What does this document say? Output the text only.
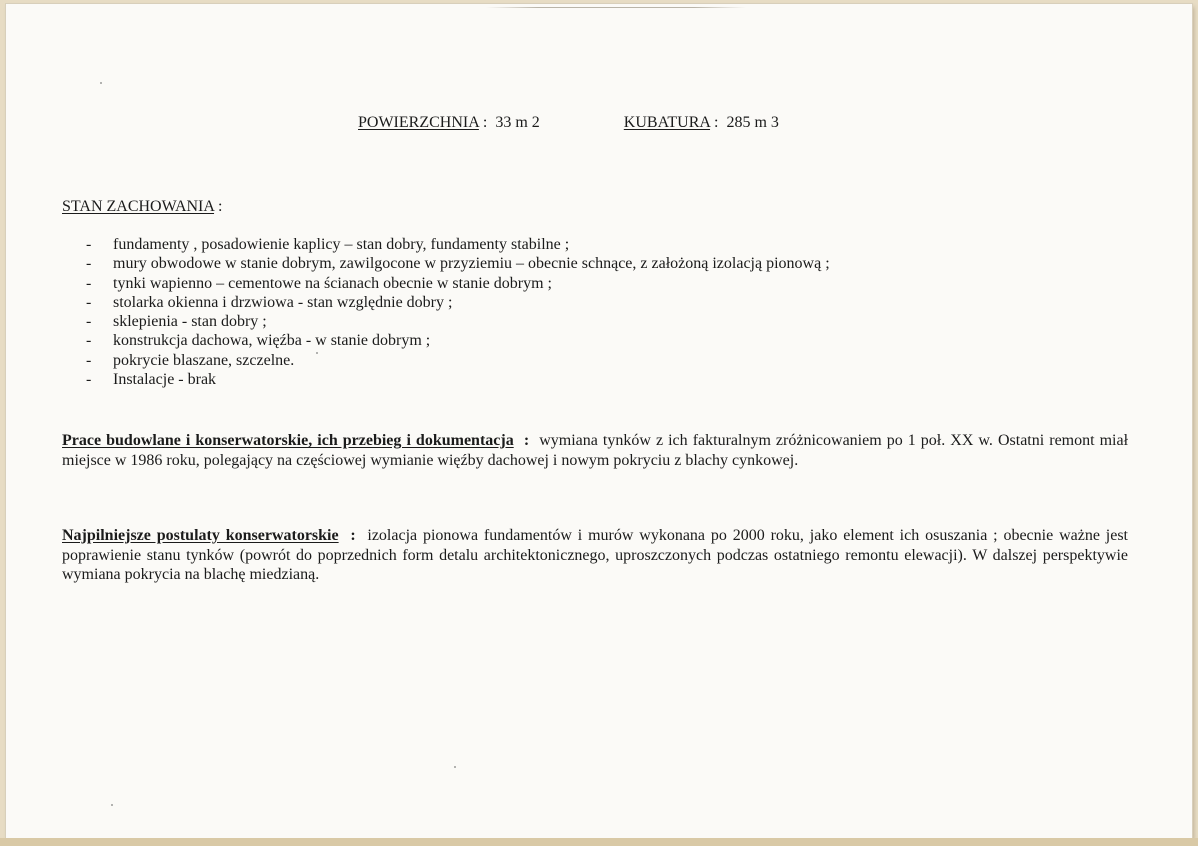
POWIERZCHNIA : 33 m 2	KUBATURA : 285 m 3
STAN ZACHOWANIA :
- fundamenty , posadowienie kaplicy – stan dobry, fundamenty stabilne ;
- mury obwodowe w stanie dobrym, zawilgocone w przyziemiu – obecnie schnące, z założoną izolacją pionową ;
- tynki wapienno – cementowe na ścianach obecnie w stanie dobrym ;
- stolarka okienna i drzwiowa - stan względnie dobry ;
- sklepienia - stan dobry ;
- konstrukcja dachowa, więźba - w stanie dobrym ;
- pokrycie blaszane, szczelne.
- Instalacje - brak

Prace budowlane i konserwatorskie, ich przebieg i dokumentacja : wymiana tynków z ich fakturalnym zróżnicowaniem po 1 poł. XX w. Ostatni remont miał miejsce w 1986 roku, polegający na częściowej wymianie więźby dachowej i nowym pokryciu z blachy cynkowej.

Najpilniejsze postulaty konserwatorskie : izolacja pionowa fundamentów i murów wykonana po 2000 roku, jako element ich osuszania ; obecnie ważne jest poprawienie stanu tynków (powrót do poprzednich form detalu architektonicznego, uproszczonych podczas ostatniego remontu elewacji). W dalszej perspektywie wymiana pokrycia na blachę miedzianą.
